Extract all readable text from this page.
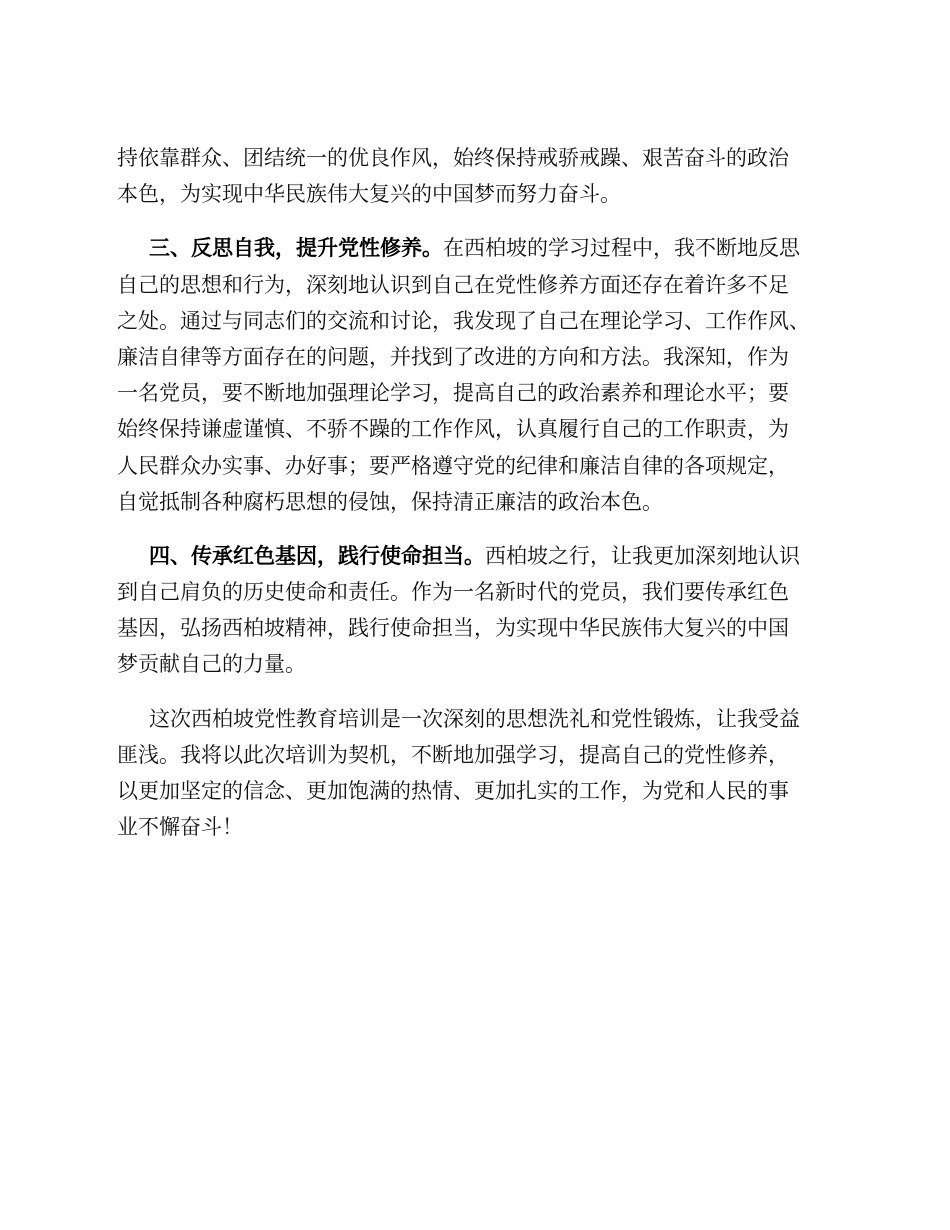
持依靠群众、团结统一的优良作风，始终保持戒骄戒躁、艰苦奋斗的政治
本色，为实现中华民族伟大复兴的中国梦而努力奋斗。
三、反思自我，提升党性修养。在西柏坡的学习过程中，我不断地反思
自己的思想和行为，深刻地认识到自己在党性修养方面还存在着许多不足
之处。通过与同志们的交流和讨论，我发现了自己在理论学习、工作作风、
廉洁自律等方面存在的问题，并找到了改进的方向和方法。我深知，作为
一名党员，要不断地加强理论学习，提高自己的政治素养和理论水平；要
始终保持谦虚谨慎、不骄不躁的工作作风，认真履行自己的工作职责，为
人民群众办实事、办好事；要严格遵守党的纪律和廉洁自律的各项规定，
自觉抵制各种腐朽思想的侵蚀，保持清正廉洁的政治本色。
四、传承红色基因，践行使命担当。西柏坡之行，让我更加深刻地认识
到自己肩负的历史使命和责任。作为一名新时代的党员，我们要传承红色
基因，弘扬西柏坡精神，践行使命担当，为实现中华民族伟大复兴的中国
梦贡献自己的力量。
这次西柏坡党性教育培训是一次深刻的思想洗礼和党性锻炼，让我受益
匪浅。我将以此次培训为契机，不断地加强学习，提高自己的党性修养，
以更加坚定的信念、更加饱满的热情、更加扎实的工作，为党和人民的事
业不懈奋斗！
